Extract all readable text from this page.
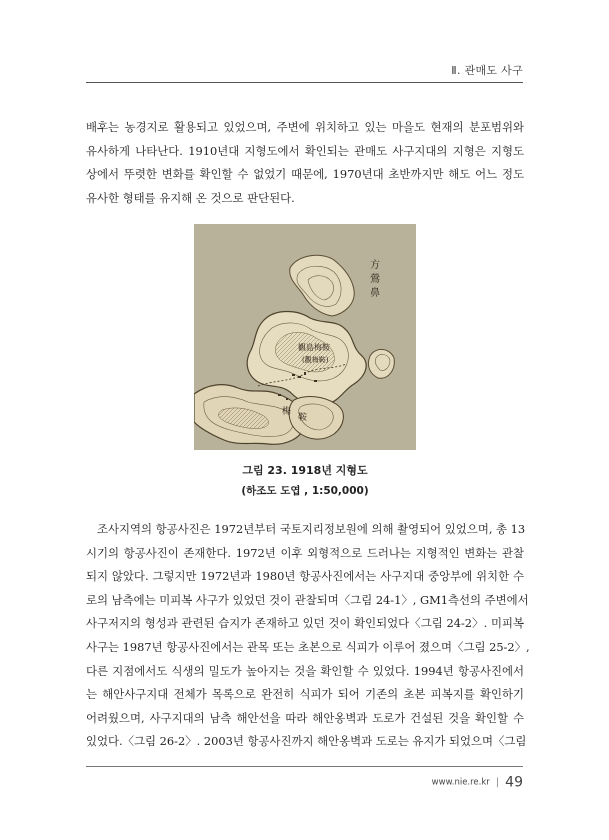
Ⅱ. 관매도 사구
배후는 농경지로 활용되고 있었으며, 주변에 위치하고 있는 마을도 현재의 분포범위와
유사하게 나타난다. 1910년대 지형도에서 확인되는 관매도 사구지대의 지형은 지형도
상에서 뚜렷한 변화를 확인할 수 없었기 때문에, 1970년대 초반까지만 해도 어느 정도
유사한 형태를 유지해 온 것으로 판단된다.
方
鶯
鼻
觀島梅鞍
(觀梅鞍)
梅
鞍
그림 23. 1918년 지형도
(하조도 도엽 , 1:50,000)
조사지역의 항공사진은 1972년부터 국토지리정보원에 의해 촬영되어 있었으며, 총 13
시기의 항공사진이 존재한다. 1972년 이후 외형적으로 드러나는 지형적인 변화는 관찰
되지 않았다. 그렇지만 1972년과 1980년 항공사진에서는 사구지대 중앙부에 위치한 수
로의 남측에는 미피복 사구가 있었던 것이 관찰되며〈그림 24-1〉, GM1측선의 주변에서
사구저지의 형성과 관련된 습지가 존재하고 있던 것이 확인되었다〈그림 24-2〉. 미피복
사구는 1987년 항공사진에서는 관목 또는 초본으로 식피가 이루어 졌으며〈그림 25-2〉,
다른 지점에서도 식생의 밀도가 높아지는 것을 확인할 수 있었다. 1994년 항공사진에서
는 해안사구지대 전체가 목록으로 완전히 식피가 되어 기존의 초본 피복지를 확인하기
어려웠으며, 사구지대의 남측 해안선을 따라 해안옹벽과 도로가 건설된 것을 확인할 수
있었다.〈그림 26-2〉. 2003년 항공사진까지 해안옹벽과 도로는 유지가 되었으며〈그림
www.nie.re.kr | 49
